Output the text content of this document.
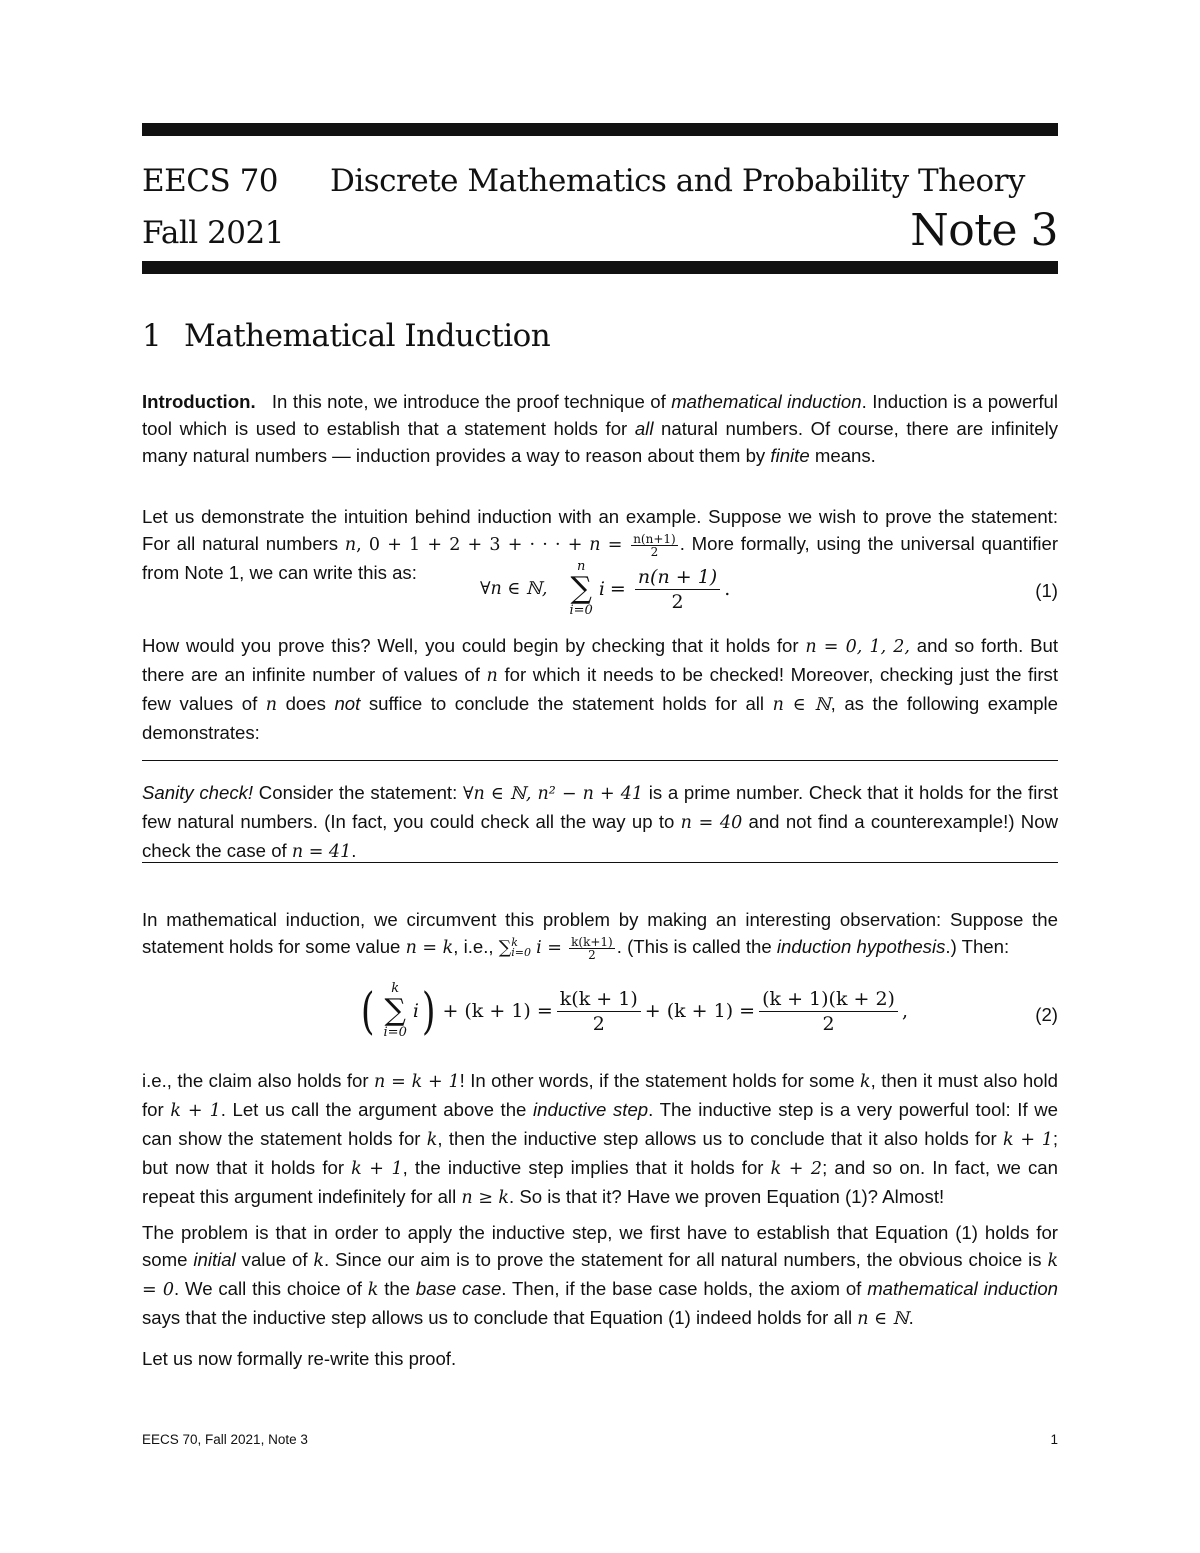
EECS 70 Discrete Mathematics and Probability Theory
Fall 2021	Note 3
1 Mathematical Induction

Introduction. In this note, we introduce the proof technique of mathematical induction. Induction is a powerful tool which is used to establish that a statement holds for all natural numbers. Of course, there are infinitely many natural numbers — induction provides a way to reason about them by finite means.

Let us demonstrate the intuition behind induction with an example. Suppose we wish to prove the statement: For all natural numbers n, 0 + 1 + 2 + 3 + · · · + $n = \frac{n(n+1)}{2}$ . More formally, using the universal quantifier from Note 1, we can write this as:

∀n ∈ ℕ,
n
∑
i=0
$i = \frac{n(n + 1)}{2}$ .	(1)

How would you prove this? Well, you could begin by checking that it holds for n = 0, 1, 2, and so forth. But there are an infinite number of values of n for which it needs to be checked! Moreover, checking just the first few values of n does not suffice to conclude the statement holds for all n ∈ ℕ, as the following example demonstrates:

Sanity check! Consider the statement: ∀n ∈ ℕ, n² − n + 41 is a prime number. Check that it holds for the first few natural numbers. (In fact, you could check all the way up to n = 40 and not find a counterexample!) Now check the case of n = 41.

In mathematical induction, we circumvent this problem by making an interesting observation: Suppose the statement holds for some value n = k, i.e., ∑ k
i=0 $i = \frac{k(k+1)}{2}$ . (This is called the induction hypothesis.) Then:

( k
∑
i=0
i ) + $(k + 1) = \frac{k(k + 1)}{2} + (k + 1) = \frac{(k + 1)(k + 2)}{2}$ ,	(2)

i.e., the claim also holds for n = k + 1! In other words, if the statement holds for some k, then it must also hold for k + 1. Let us call the argument above the inductive step. The inductive step is a very powerful tool: If we can show the statement holds for k, then the inductive step allows us to conclude that it also holds for k + 1; but now that it holds for k + 1, the inductive step implies that it holds for k + 2; and so on. In fact, we can repeat this argument indefinitely for all n ≥ k. So is that it? Have we proven Equation (1)? Almost!

The problem is that in order to apply the inductive step, we first have to establish that Equation (1) holds for some initial value of k. Since our aim is to prove the statement for all natural numbers, the obvious choice is k = 0. We call this choice of k the base case. Then, if the base case holds, the axiom of mathematical induction says that the inductive step allows us to conclude that Equation (1) indeed holds for all n ∈ ℕ.

Let us now formally re-write this proof.

EECS 70, Fall 2021, Note 3	1
